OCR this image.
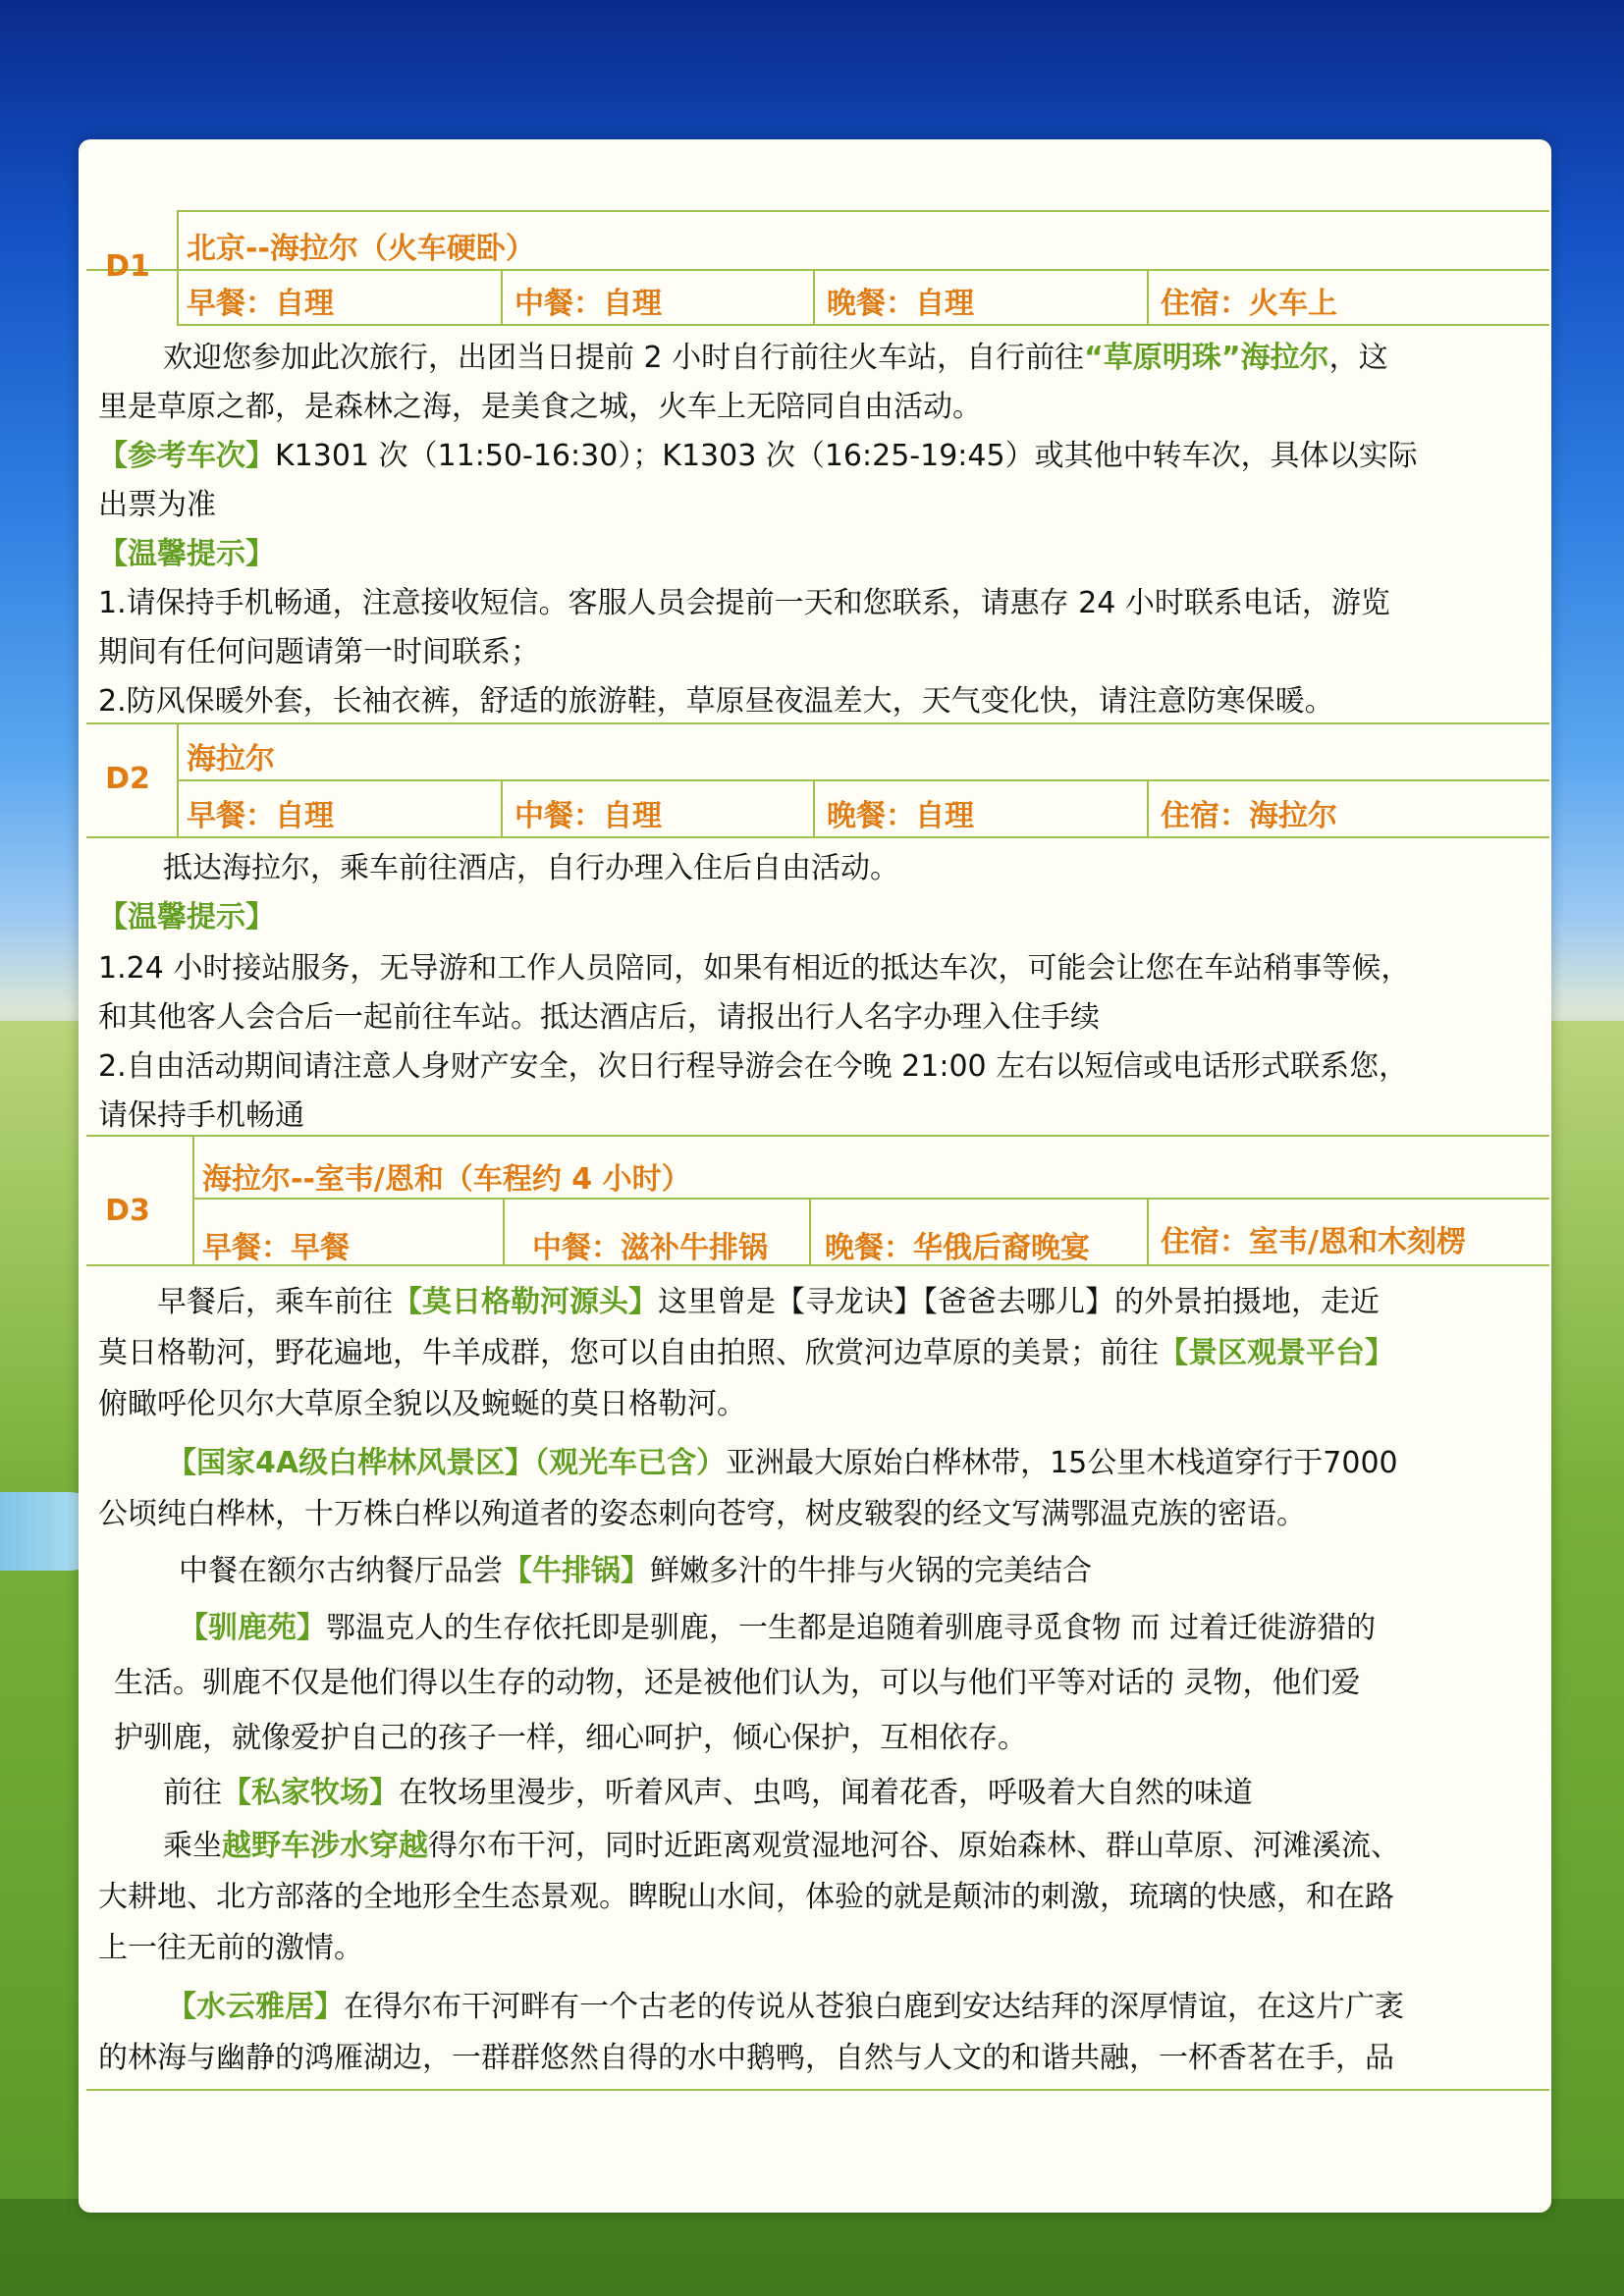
D1
北京--海拉尔（火车硬卧）
早餐：自理	中餐：自理	晚餐：自理	住宿：火车上

欢迎您参加此次旅行，出团当日提前 2 小时自行前往火车站，自行前往“草原明珠”海拉尔，这

里是草原之都，是森林之海，是美食之城，火车上无陪同自由活动。

【参考车次】K1301 次（11:50-16:30）；K1303 次（16:25-19:45）或其他中转车次，具体以实际

出票为准

【温馨提示】

1.请保持手机畅通，注意接收短信。客服人员会提前一天和您联系，请惠存 24 小时联系电话，游览

期间有任何问题请第一时间联系；

2.防风保暖外套，长袖衣裤，舒适的旅游鞋，草原昼夜温差大，天气变化快，请注意防寒保暖。

D2
海拉尔
早餐：自理	中餐：自理	晚餐：自理	住宿：海拉尔

抵达海拉尔，乘车前往酒店，自行办理入住后自由活动。

【温馨提示】

1.24 小时接站服务，无导游和工作人员陪同，如果有相近的抵达车次，可能会让您在车站稍事等候，

和其他客人会合后一起前往车站。抵达酒店后，请报出行人名字办理入住手续

2.自由活动期间请注意人身财产安全，次日行程导游会在今晚 21:00 左右以短信或电话形式联系您，

请保持手机畅通

D3
海拉尔--室韦/恩和（车程约 4 小时）
早餐：早餐	中餐：滋补牛排锅 晚餐：华俄后裔晚宴 住宿：室韦/恩和木刻楞

早餐后，乘车前往【莫日格勒河源头】这里曾是【寻龙诀】【爸爸去哪儿】的外景拍摄地，走近

莫日格勒河，野花遍地，牛羊成群，您可以自由拍照、欣赏河边草原的美景；前往【景区观景平台】

俯瞰呼伦贝尔大草原全貌以及蜿蜒的莫日格勒河。

【国家4A级白桦林风景区】（观光车已含）亚洲最大原始白桦林带，15公里木栈道穿行于7000

公顷纯白桦林，十万株白桦以殉道者的姿态刺向苍穹，树皮皲裂的经文写满鄂温克族的密语。

中餐在额尔古纳餐厅品尝【牛排锅】鲜嫩多汁的牛排与火锅的完美结合

【驯鹿苑】鄂温克人的生存依托即是驯鹿，一生都是追随着驯鹿寻觅食物 而 过着迁徙游猎的

生活。驯鹿不仅是他们得以生存的动物，还是被他们认为，可以与他们平等对话的 灵物，他们爱

护驯鹿，就像爱护自己的孩子一样，细心呵护，倾心保护，互相依存。

前往【私家牧场】在牧场里漫步，听着风声、虫鸣，闻着花香，呼吸着大自然的味道

乘坐越野车涉水穿越得尔布干河，同时近距离观赏湿地河谷、原始森林、群山草原、河滩溪流、

大耕地、北方部落的全地形全生态景观。睥睨山水间，体验的就是颠沛的刺激，琉璃的快感，和在路

上一往无前的激情。

【水云雅居】在得尔布干河畔有一个古老的传说从苍狼白鹿到安达结拜的深厚情谊，在这片广袤

的林海与幽静的鸿雁湖边，一群群悠然自得的水中鹅鸭，自然与人文的和谐共融，一杯香茗在手，品
